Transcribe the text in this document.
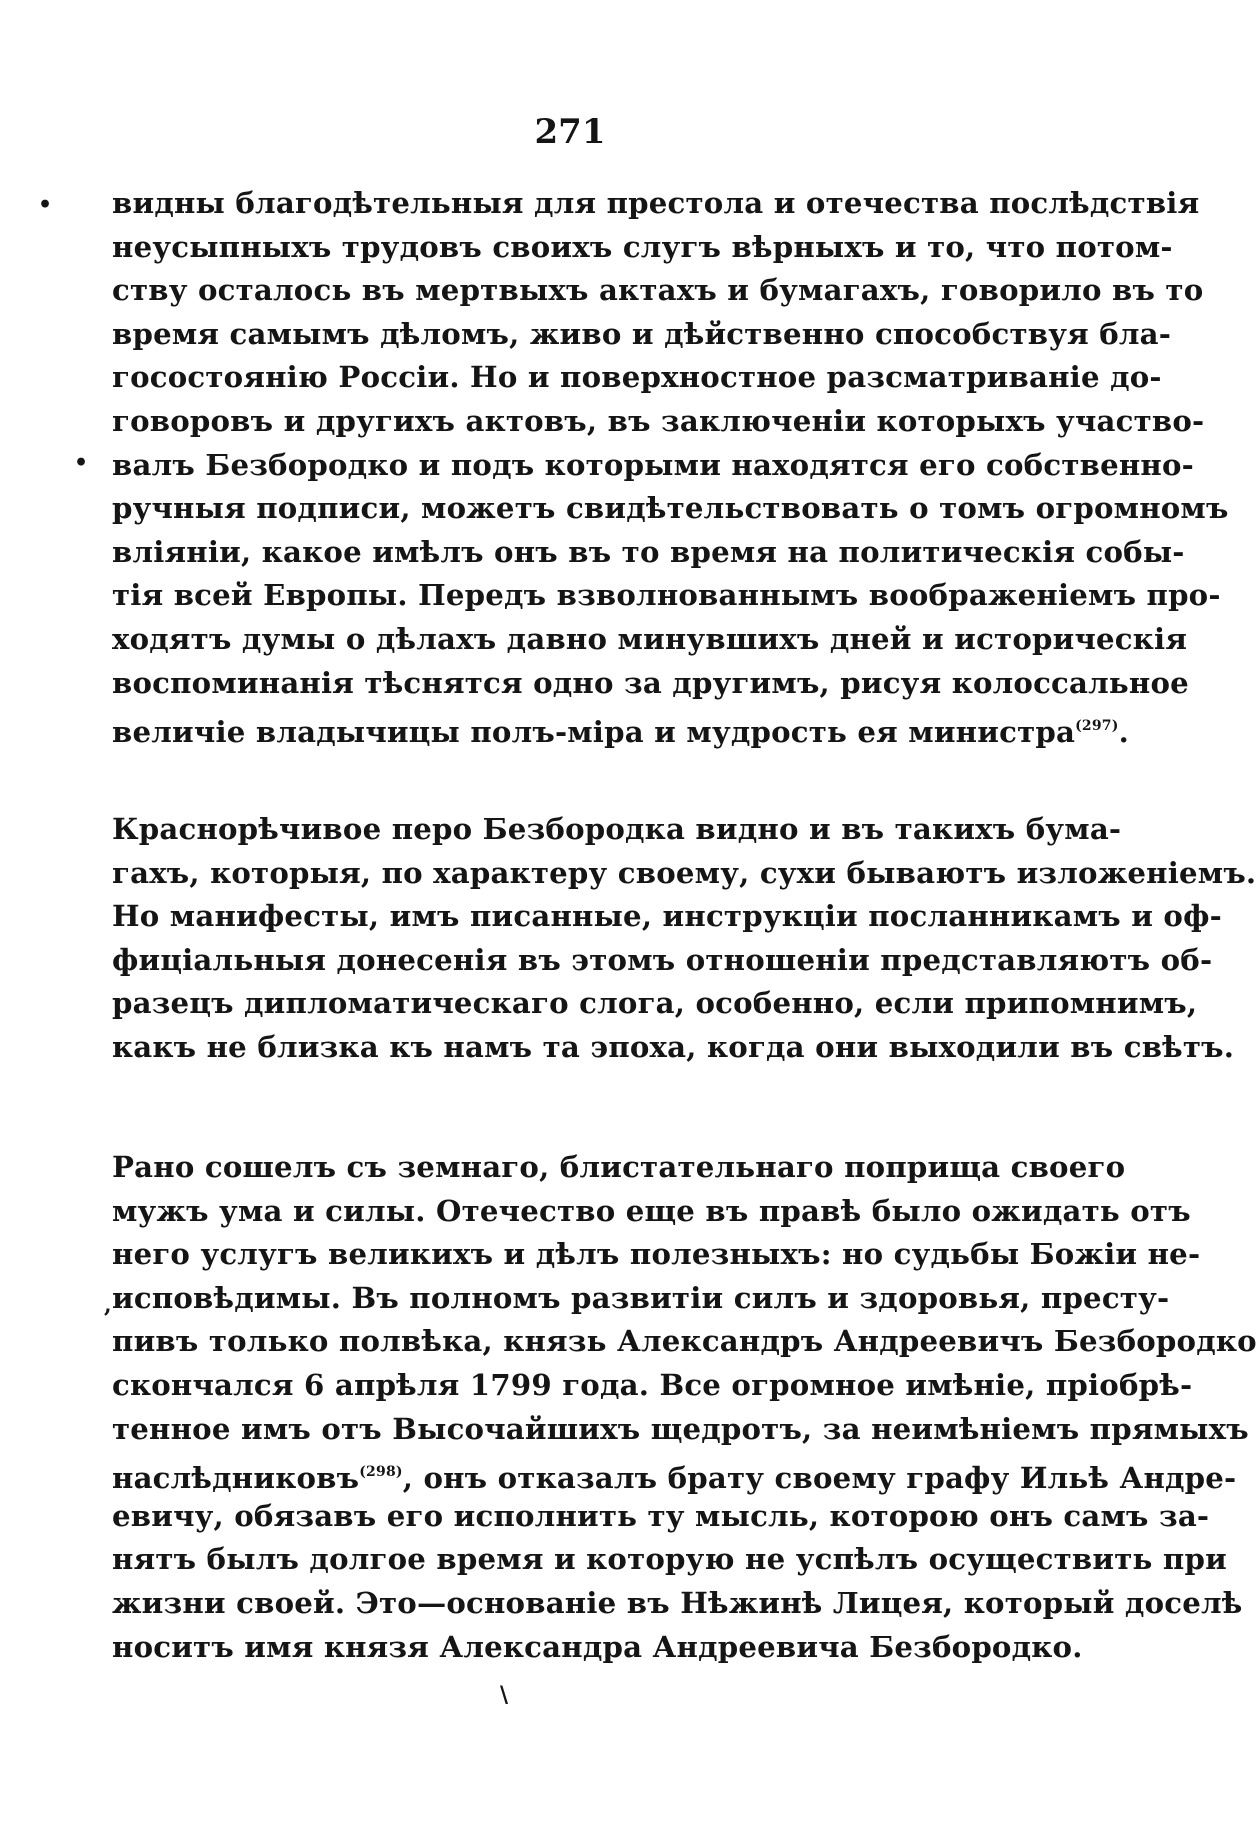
271
•
•
,
\
видны благодѣтельныя для престола и отечества послѣдствія
неусыпныхъ трудовъ своихъ слугъ вѣрныхъ и то, что потом-
ству осталось въ мертвыхъ актахъ и бумагахъ, говорило въ то
время самымъ дѣломъ, живо и дѣйственно способствуя бла-
госостоянію Россіи. Но и поверхностное разсматриваніе до-
говоровъ и другихъ актовъ, въ заключеніи которыхъ участво-
валъ Безбородко и подъ которыми находятся его собственно-
ручныя подписи, можетъ свидѣтельствовать о томъ огромномъ
вліяніи, какое имѣлъ онъ въ то время на политическія собы-
тія всей Европы. Передъ взволнованнымъ воображеніемъ про-
ходятъ думы о дѣлахъ давно минувшихъ дней и историческія
воспоминанія тѣснятся одно за другимъ, рисуя колоссальное
величіе владычицы полъ-міра и мудрость ея министра$^{(297)}$.
Краснорѣчивое перо Безбородка видно и въ такихъ бума-
гахъ, которыя, по характеру своему, сухи бываютъ изложеніемъ.
Но манифесты, имъ писанные, инструкціи посланникамъ и оф-
фиціальныя донесенія въ этомъ отношеніи представляютъ об-
разецъ дипломатическаго слога, особенно, если припомнимъ,
какъ не близка къ намъ та эпоха, когда они выходили въ свѣтъ.
Рано сошелъ съ земнаго, блистательнаго поприща своего
мужъ ума и силы. Отечество еще въ правѣ было ожидать отъ
него услугъ великихъ и дѣлъ полезныхъ: но судьбы Божіи не-
исповѣдимы. Въ полномъ развитіи силъ и здоровья, престу-
пивъ только полвѣка, князь Александръ Андреевичъ Безбородко
скончался 6 апрѣля 1799 года. Все огромное имѣніе, пріобрѣ-
тенное имъ отъ Высочайшихъ щедротъ, за неимѣніемъ прямыхъ
наслѣдниковъ$^{(298)}$, онъ отказалъ брату своему графу Ильѣ Андре-
евичу, обязавъ его исполнить ту мысль, которою онъ самъ за-
нятъ былъ долгое время и которую не успѣлъ осуществить при
жизни своей. Это—основаніе въ Нѣжинѣ Лицея, который доселѣ
носитъ имя князя Александра Андреевича Безбородко.
